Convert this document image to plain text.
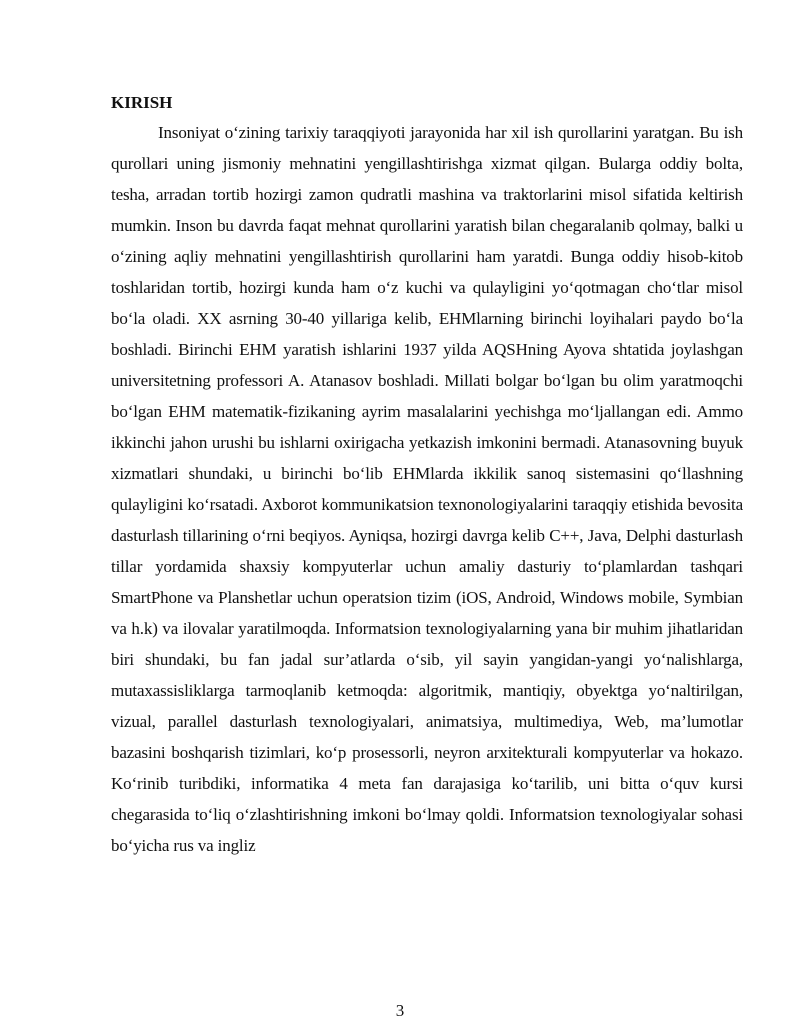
KIRISH

Insoniyat o‘zining tarixiy taraqqiyoti jarayonida har xil ish qurollarini yaratgan. Bu ish qurollari uning jismoniy mehnatini yengillashtirishga xizmat qilgan. Bularga oddiy bolta, tesha, arradan tortib hozirgi zamon qudratli mashina va traktorlarini misol sifatida keltirish mumkin. Inson bu davrda faqat mehnat qurollarini yaratish bilan chegaralanib qolmay, balki u o‘zining aqliy mehnatini yengillashtirish qurollarini ham yaratdi. Bunga oddiy hisob-kitob toshlaridan tortib, hozirgi kunda ham o‘z kuchi va qulayligini yo‘qotmagan cho‘tlar misol bo‘la oladi. XX asrning 30-40 yillariga kelib, EHMlarning birinchi loyihalari paydo bo‘la boshladi. Birinchi EHM yaratish ishlarini 1937 yilda AQSHning Ayova shtatida joylashgan universitetning professori A. Atanasov boshladi. Millati bolgar bo‘lgan bu olim yaratmoqchi bo‘lgan EHM matematik-fizikaning ayrim masalalarini yechishga mo‘ljallangan edi. Ammo ikkinchi jahon urushi bu ishlarni oxirigacha yetkazish imkonini bermadi. Atanasovning buyuk xizmatlari shundaki, u birinchi bo‘lib EHMlarda ikkilik sanoq sistemasini qo‘llashning qulayligini ko‘rsatadi. Axborot kommunikatsion texnonologiyalarini taraqqiy etishida bevosita dasturlash tillarining o‘rni beqiyos. Ayniqsa, hozirgi davrga kelib C++, Java, Delphi dasturlash tillar yordamida shaxsiy kompyuterlar uchun amaliy dasturiy to‘plamlardan tashqari SmartPhone va Planshetlar uchun operatsion tizim (iOS, Android, Windows mobile, Symbian va h.k) va ilovalar yaratilmoqda. Informatsion texnologiyalarning yana bir muhim jihatlaridan biri shundaki, bu fan jadal sur’atlarda o‘sib, yil sayin yangidan-yangi yo‘nalishlarga, mutaxassisliklarga tarmoqlanib ketmoqda: algoritmik, mantiqiy, obyektga yo‘naltirilgan, vizual, parallel dasturlash texnologiyalari, animatsiya, multimediya, Web, ma’lumotlar bazasini boshqarish tizimlari, ko‘p prosessorli, neyron arxitekturali kompyuterlar va hokazo. Ko‘rinib turibdiki, informatika 4 meta fan darajasiga ko‘tarilib, uni bitta o‘quv kursi chegarasida to‘liq o‘zlashtirishning imkoni bo‘lmay qoldi. Informatsion texnologiyalar sohasi bo‘yicha rus va ingliz

3
